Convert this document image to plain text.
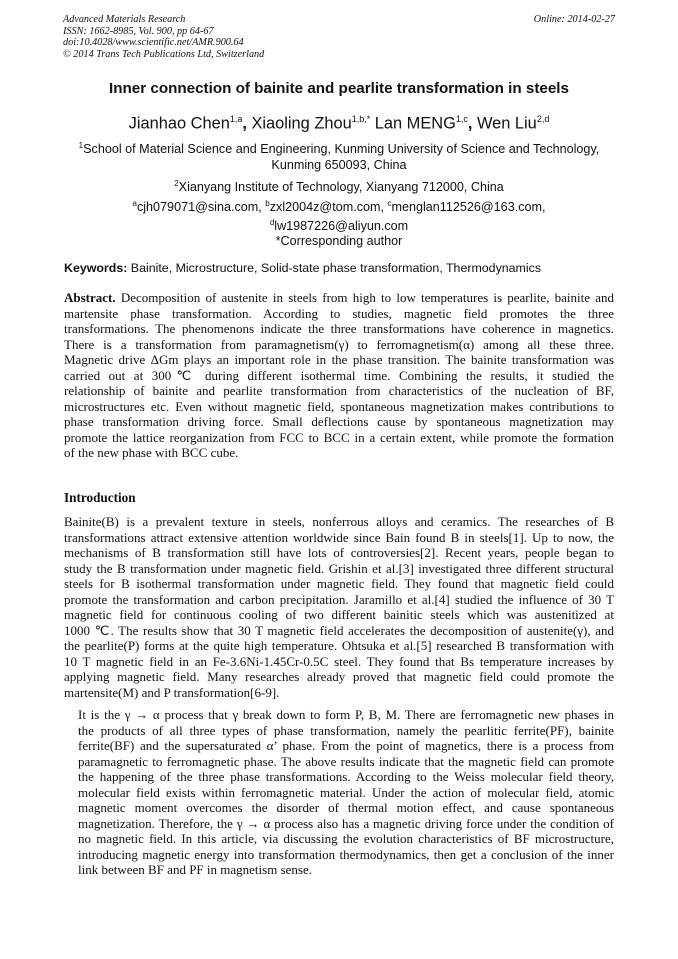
Advanced Materials Research
ISSN: 1662-8985, Vol. 900, pp 64-67
doi:10.4028/www.scientific.net/AMR.900.64
© 2014 Trans Tech Publications Ltd, Switzerland
Online: 2014-02-27
Inner connection of bainite and pearlite transformation in steels
Jianhao Chen$^{1,a}$, Xiaoling Zhou$^{1,b,*}$ Lan MENG$^{1,c}$, Wen Liu$^{2,d}$
$^1$School of Material Science and Engineering, Kunming University of Science and Technology,
Kunming 650093, China
$^2$Xianyang Institute of Technology, Xianyang 712000, China
$^a$cjh079071@sina.com, $^b$zxl2004z@tom.com, $^c$menglan112526@163.com,
$^d$lw1987226@aliyun.com
*Corresponding author
Keywords: Bainite, Microstructure, Solid-state phase transformation, Thermodynamics
Abstract. Decomposition of austenite in steels from high to low temperatures is pearlite, bainite and
martensite phase transformation. According to studies, magnetic field promotes the three
transformations. The phenomenons indicate the three transformations have coherence in magnetics.
There is a transformation from paramagnetism(γ) to ferromagnetism(α) among all these three.
Magnetic drive ΔGm plays an important role in the phase transition. The bainite transformation was
carried out at 300℃ during different isothermal time. Combining the results, it studied the
relationship of bainite and pearlite transformation from characteristics of the nucleation of BF,
microstructures etc. Even without magnetic field, spontaneous magnetization makes contributions to
phase transformation driving force. Small deflections cause by spontaneous magnetization may
promote the lattice reorganization from FCC to BCC in a certain extent, while promote the formation
of the new phase with BCC cube.
Introduction
Bainite(B) is a prevalent texture in steels, nonferrous alloys and ceramics. The researches of B
transformations attract extensive attention worldwide since Bain found B in steels[1]. Up to now, the
mechanisms of B transformation still have lots of controversies[2]. Recent years, people began to
study the B transformation under magnetic field. Grishin et al.[3] investigated three different structural
steels for B isothermal transformation under magnetic field. They found that magnetic field could
promote the transformation and carbon precipitation. Jaramillo et al.[4] studied the influence of 30 T
magnetic field for continuous cooling of two different bainitic steels which was austenitized at
1000 ℃. The results show that 30 T magnetic field accelerates the decomposition of austenite(γ), and
the pearlite(P) forms at the quite high temperature. Ohtsuka et al.[5] researched B transformation with
10 T magnetic field in an Fe-3.6Ni-1.45Cr-0.5C steel. They found that Bs temperature increases by
applying magnetic field. Many researches already proved that magnetic field could promote the
martensite(M) and P transformation[6-9].
It is the γ → α process that γ break down to form P, B, M. There are ferromagnetic new phases in
the products of all three types of phase transformation, namely the pearlitic ferrite(PF), bainite
ferrite(BF) and the supersaturated α’ phase. From the point of magnetics, there is a process from
paramagnetic to ferromagnetic phase. The above results indicate that the magnetic field can promote
the happening of the three phase transformations. According to the Weiss molecular field theory,
molecular field exists within ferromagnetic material. Under the action of molecular field, atomic
magnetic moment overcomes the disorder of thermal motion effect, and cause spontaneous
magnetization. Therefore, the γ → α process also has a magnetic driving force under the condition of
no magnetic field. In this article, via discussing the evolution characteristics of BF microstructure,
introducing magnetic energy into transformation thermodynamics, then get a conclusion of the inner
link between BF and PF in magnetism sense.
